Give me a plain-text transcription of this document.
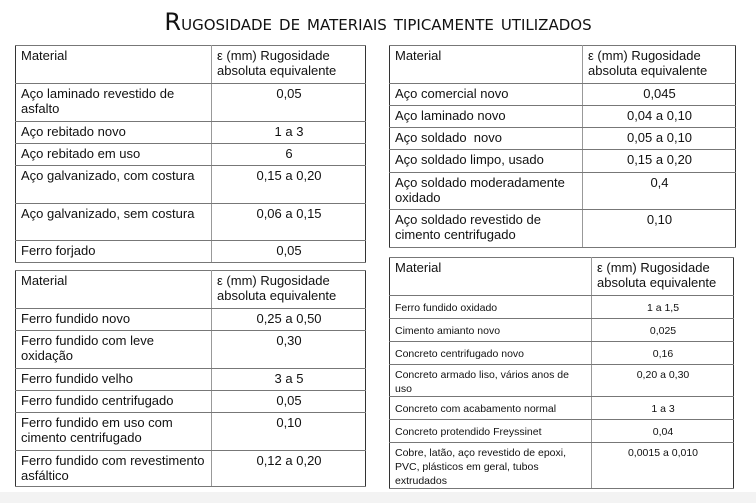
Rugosidade de materiais tipicamente utilizados
Material	ε (mm) Rugosidade
absoluta equivalente
Aço laminado revestido de asfalto	0,05
Aço rebitado novo	1 a 3
Aço rebitado em uso	6
Aço galvanizado, com costura	0,15 a 0,20
Aço galvanizado, sem costura	0,06 a 0,15
Ferro forjado	0,05
Material	ε (mm) Rugosidade
absoluta equivalente
Ferro fundido novo	0,25 a 0,50
Ferro fundido com leve oxidação	0,30
Ferro fundido velho	3 a 5
Ferro fundido centrifugado	0,05
Ferro fundido em uso com cimento centrifugado	0,10
Ferro fundido com revestimento asfáltico	0,12 a 0,20
Material	ε (mm) Rugosidade
absoluta equivalente
Aço comercial novo	0,045
Aço laminado novo	0,04 a 0,10
Aço soldado  novo	0,05 a 0,10
Aço soldado limpo, usado	0,15 a 0,20
Aço soldado moderadamente oxidado	0,4
Aço soldado revestido de cimento centrifugado	0,10
Material	ε (mm) Rugosidade
absoluta equivalente
Ferro fundido oxidado	1 a 1,5
Cimento amianto novo	0,025
Concreto centrifugado novo	0,16
Concreto armado liso, vários anos de uso	0,20 a 0,30
Concreto com acabamento normal	1 a 3
Concreto protendido Freyssinet	0,04
Cobre, latão, aço revestido de epoxi, PVC, plásticos em geral, tubos extrudados	0,0015 a 0,010
